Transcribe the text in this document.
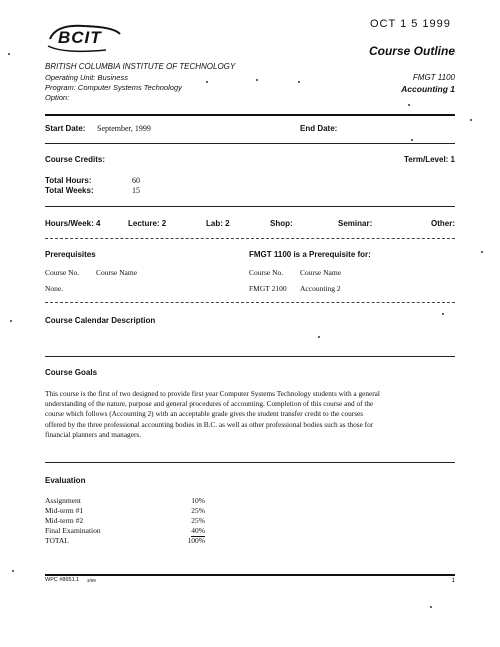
OCT 1 5 1999
BCIT
Course Outline
BRITISH COLUMBIA INSTITUTE OF TECHNOLOGY
Operating Unit: Business
Program: Computer Systems Technology
Option:
FMGT 1100
Accounting 1
Start Date: September, 1999	End Date:
Course Credits:	Term/Level: 1
Total Hours:	60
Total Weeks:	15
Hours/Week: 4	Lecture: 2	Lab: 2	Shop:	Seminar:	Other:
Prerequisites	FMGT 1100 is a Prerequisite for:
Course No. Course Name	Course No. Course Name
None.	FMGT 2100 Accounting 2
Course Calendar Description
Course Goals
This course is the first of two designed to provide first year Computer Systems Technology students with a general
understanding of the nature, purpose and general procedures of accounting. Completion of this course and of the
course which follows (Accounting 2) with an acceptable grade gives the student transfer credit to the courses
offered by the three professional accounting bodies in B.C. as well as other professional bodies such as those for
financial planners and managers.
Evaluation
Assignment	10%
Mid-term #1	25%
Mid-term #2	25%
Final Examination	40%
TOTAL	100%
WPC #8651.1 3/99	1
